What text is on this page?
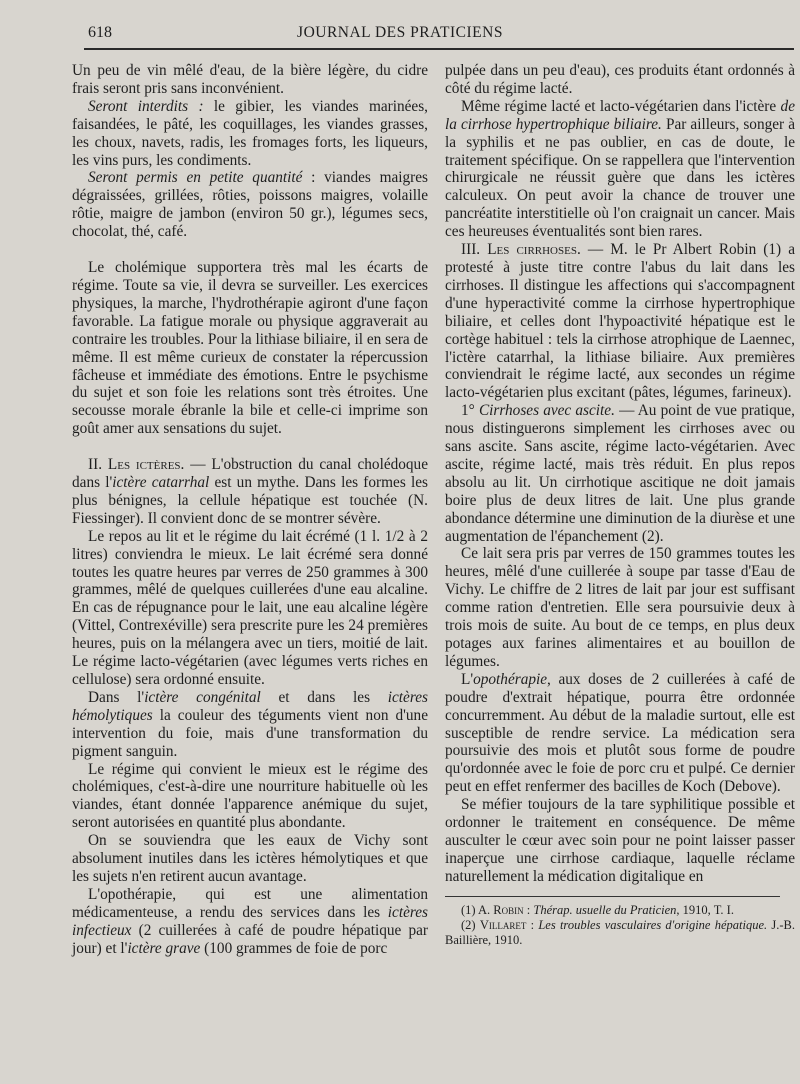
618	JOURNAL DES PRATICIENS

Un peu de vin mêlé d'eau, de la bière légère, du cidre frais seront pris sans inconvénient.

Seront interdits : le gibier, les viandes marinées, faisandées, le pâté, les coquillages, les viandes grasses, les choux, navets, radis, les fromages forts, les liqueurs, les vins purs, les condiments.

Seront permis en petite quantité : viandes maigres dégraissées, grillées, rôties, poissons maigres, volaille rôtie, maigre de jambon (environ 50 gr.), légumes secs, chocolat, thé, café.

Le cholémique supportera très mal les écarts de régime. Toute sa vie, il devra se surveiller. Les exercices physiques, la marche, l'hydrothérapie agiront d'une façon favorable. La fatigue morale ou physique aggraverait au contraire les troubles. Pour la lithiase biliaire, il en sera de même. Il est même curieux de constater la répercussion fâcheuse et immédiate des émotions. Entre le psychisme du sujet et son foie les relations sont très étroites. Une secousse morale ébranle la bile et celle-ci imprime son goût amer aux sensations du sujet.

II. Les ictères. — L'obstruction du canal cholédoque dans l'ictère catarrhal est un mythe. Dans les formes les plus bénignes, la cellule hépatique est touchée (N. Fiessinger). Il convient donc de se montrer sévère.

Le repos au lit et le régime du lait écrémé (1 l. 1/2 à 2 litres) conviendra le mieux. Le lait écrémé sera donné toutes les quatre heures par verres de 250 grammes à 300 grammes, mêlé de quelques cuillerées d'une eau alcaline. En cas de répugnance pour le lait, une eau alcaline légère (Vittel, Contrexéville) sera prescrite pure les 24 premières heures, puis on la mélangera avec un tiers, moitié de lait. Le régime lacto-végétarien (avec légumes verts riches en cellulose) sera ordonné ensuite.

Dans l'ictère congénital et dans les ictères hémolytiques la couleur des téguments vient non d'une intervention du foie, mais d'une transformation du pigment sanguin.

Le régime qui convient le mieux est le régime des cholémiques, c'est-à-dire une nourriture habituelle où les viandes, étant donnée l'apparence anémique du sujet, seront autorisées en quantité plus abondante.

On se souviendra que les eaux de Vichy sont absolument inutiles dans les ictères hémolytiques et que les sujets n'en retirent aucun avantage.

L'opothérapie, qui est une alimentation médicamenteuse, a rendu des services dans les ictères infectieux (2 cuillerées à café de poudre hépatique par jour) et l'ictère grave (100 grammes de foie de porc

pulpée dans un peu d'eau), ces produits étant ordonnés à côté du régime lacté.

Même régime lacté et lacto-végétarien dans l'ictère de la cirrhose hypertrophique biliaire. Par ailleurs, songer à la syphilis et ne pas oublier, en cas de doute, le traitement spécifique. On se rappellera que l'intervention chirurgicale ne réussit guère que dans les ictères calculeux. On peut avoir la chance de trouver une pancréatite interstitielle où l'on craignait un cancer. Mais ces heureuses éventualités sont bien rares.

III. Les cirrhoses. — M. le Pr Albert Robin (1) a protesté à juste titre contre l'abus du lait dans les cirrhoses. Il distingue les affections qui s'accompagnent d'une hyperactivité comme la cirrhose hypertrophique biliaire, et celles dont l'hypoactivité hépatique est le cortège habituel : tels la cirrhose atrophique de Laennec, l'ictère catarrhal, la lithiase biliaire. Aux premières conviendrait le régime lacté, aux secondes un régime lacto-végétarien plus excitant (pâtes, légumes, farineux).

1° Cirrhoses avec ascite. — Au point de vue pratique, nous distinguerons simplement les cirrhoses avec ou sans ascite. Sans ascite, régime lacto-végétarien. Avec ascite, régime lacté, mais très réduit. En plus repos absolu au lit. Un cirrhotique ascitique ne doit jamais boire plus de deux litres de lait. Une plus grande abondance détermine une diminution de la diurèse et une augmentation de l'épanchement (2).

Ce lait sera pris par verres de 150 grammes toutes les heures, mêlé d'une cuillerée à soupe par tasse d'Eau de Vichy. Le chiffre de 2 litres de lait par jour est suffisant comme ration d'entretien. Elle sera poursuivie deux à trois mois de suite. Au bout de ce temps, en plus deux potages aux farines alimentaires et au bouillon de légumes.

L'opothérapie, aux doses de 2 cuillerées à café de poudre d'extrait hépatique, pourra être ordonnée concurremment. Au début de la maladie surtout, elle est susceptible de rendre service. La médication sera poursuivie des mois et plutôt sous forme de poudre qu'ordonnée avec le foie de porc cru et pulpé. Ce dernier peut en effet renfermer des bacilles de Koch (Debove).

Se méfier toujours de la tare syphilitique possible et ordonner le traitement en conséquence. De même ausculter le cœur avec soin pour ne point laisser passer inaperçue une cirrhose cardiaque, laquelle réclame naturellement la médication digitalique en

(1) A. Robin : Thérap. usuelle du Praticien, 1910, T. I.

(2) Villaret : Les troubles vasculaires d'origine hépatique. J.-B. Baillière, 1910.
